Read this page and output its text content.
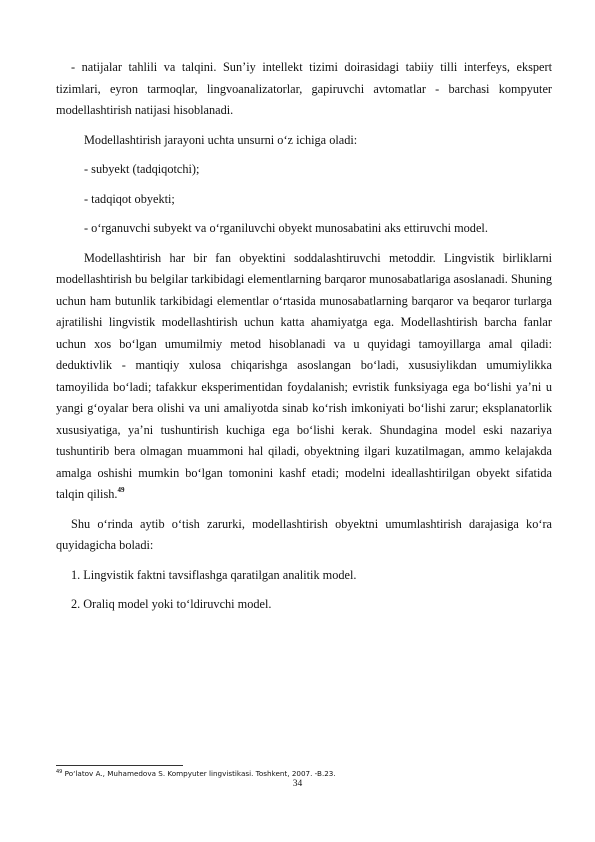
- natijalar tahlili va talqini. Sun’iy intellekt tizimi doirasidagi tabiiy tilli interfeys, ekspert tizimlari, eyron tarmoqlar, lingvoanalizatorlar, gapiruvchi avtomatlar - barchasi kompyuter modellashtirish natijasi hisoblanadi.

Modellashtirish jarayoni uchta unsurni o‘z ichiga oladi:

- subyekt (tadqiqotchi);

- tadqiqot obyekti;

- o‘rganuvchi subyekt va o‘rganiluvchi obyekt munosabatini aks ettiruvchi model.

Modellashtirish har bir fan obyektini soddalashtiruvchi metoddir. Lingvistik birliklarni modellashtirish bu belgilar tarkibidagi elementlarning barqaror munosabatlariga asoslanadi. Shuning uchun ham butunlik tarkibidagi elementlar o‘rtasida munosabatlarning barqaror va beqaror turlarga ajratilishi lingvistik modellashtirish uchun katta ahamiyatga ega. Modellashtirish barcha fanlar uchun xos bo‘lgan umumilmiy metod hisoblanadi va u quyidagi tamoyillarga amal qiladi: deduktivlik - mantiqiy xulosa chiqarishga asoslangan bo‘ladi, xususiylikdan umumiylikka tamoyilida bo‘ladi; tafakkur eksperimentidan foydalanish; evristik funksiyaga ega bo‘lishi ya’ni u yangi g‘oyalar bera olishi va uni amaliyotda sinab ko‘rish imkoniyati bo‘lishi zarur; eksplanatorlik xususiyatiga, ya’ni tushuntirish kuchiga ega bo‘lishi kerak. Shundagina model eski nazariya tushuntirib bera olmagan muammoni hal qiladi, obyektning ilgari kuzatilmagan, ammo kelajakda amalga oshishi mumkin bo‘lgan tomonini kashf etadi; modelni ideallashtirilgan obyekt sifatida talqin qilish.$^{49}$

Shu o‘rinda aytib o‘tish zarurki, modellashtirish obyektni umumlashtirish darajasiga ko‘ra quyidagicha boladi:

1. Lingvistik faktni tavsiflashga qaratilgan analitik model.

2. Oraliq model yoki to‘ldiruvchi model.

$^{49}$ Po‘latov A., Muhamedova S. Kompyuter lingvistikasi. Toshkent, 2007. -B.23.
34
